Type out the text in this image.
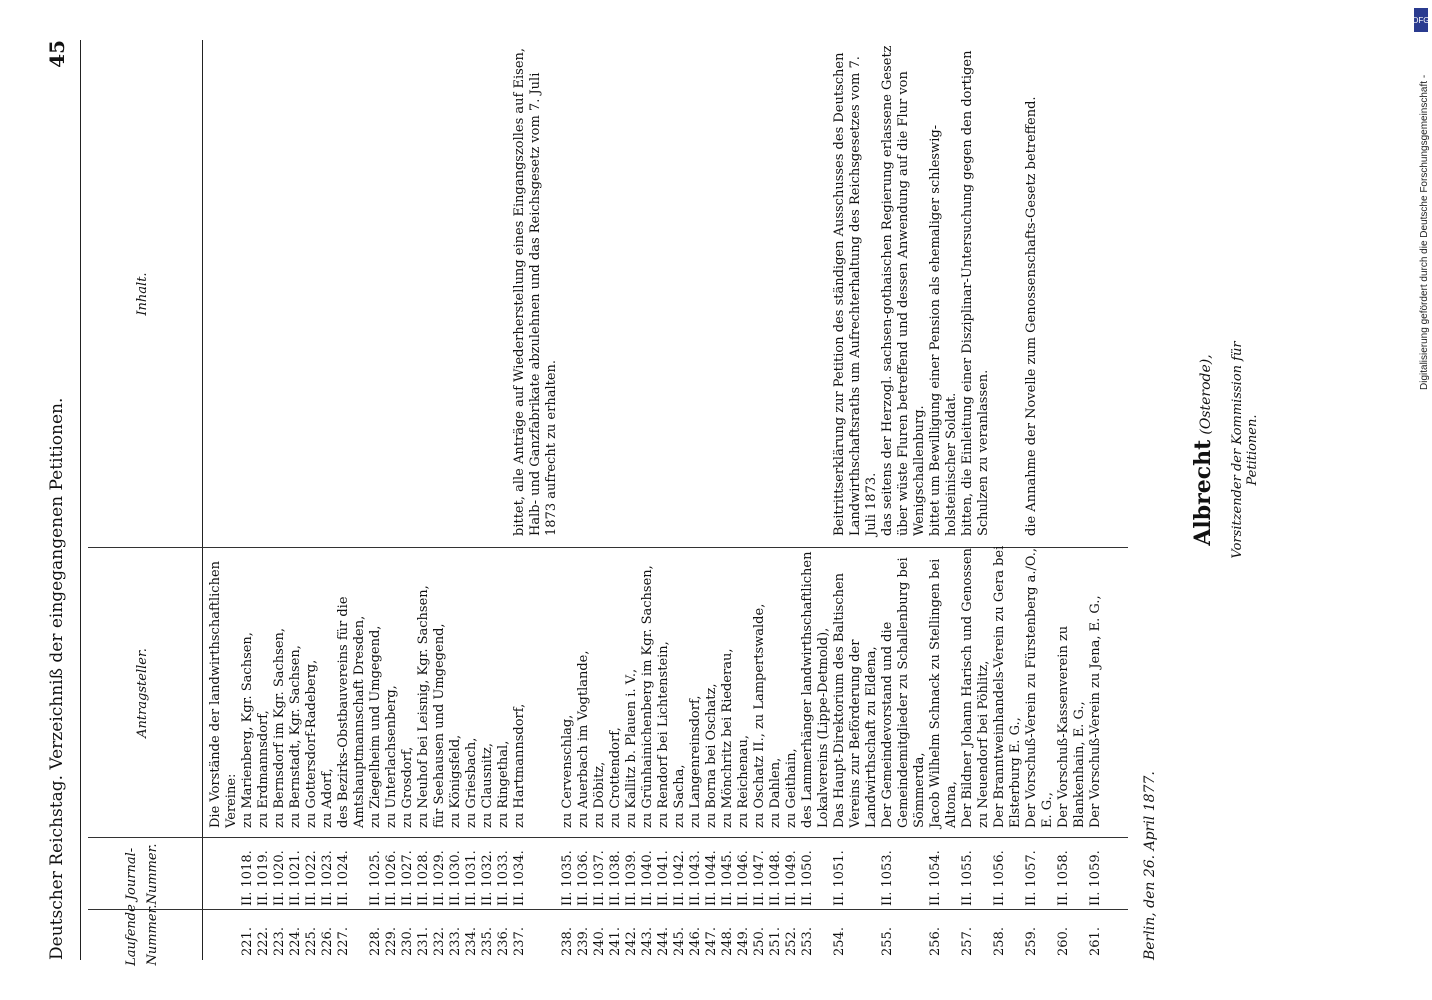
Deutscher Reichstag. Verzeichniß der eingegangenen Petitionen.
45
Laufende Nummer.
Journal-Nummer.
Antragsteller.
Inhalt.
Die Vorstände der landwirthschaftlichen Vereine:
221.
II. 1018.
zu Marienberg, Kgr. Sachsen,
222.
II. 1019.
zu Erdmannsdorf,
223.
II. 1020.
zu Bernsdorf im Kgr. Sachsen,
224.
II. 1021.
zu Bernstadt, Kgr. Sachsen,
225.
II. 1022.
zu Gottersdorf-Radeberg,
226.
II. 1023.
zu Adorf,
227.
II. 1024.
des Bezirks-Obstbauvereins für die Amtshauptmannschaft Dresden,
228.
II. 1025.
zu Ziegelheim und Umgegend,
229.
II. 1026.
zu Unterlachsenberg,
230.
II. 1027.
zu Grosdorf,
231.
II. 1028.
zu Neuhof bei Leisnig, Kgr. Sachsen,
232.
II. 1029.
für Seehausen und Umgegend,
233.
II. 1030.
zu Königsfeld,
234.
II. 1031.
zu Griesbach,
235.
II. 1032.
zu Clausnitz,
236.
II. 1033.
zu Ringethal,
237.
II. 1034.
zu Hartmannsdorf,
bittet, alle Anträge auf Wiederherstellung eines Eingangszolles auf Eisen, Halb- und Ganzfabrikate abzulehnen und das Reichsgesetz vom 7. Juli 1873 aufrecht zu erhalten.
238.
II. 1035.
zu Cervenschlag,
239.
II. 1036.
zu Auerbach im Vogtlande,
240.
II. 1037.
zu Döbitz,
241.
II. 1038.
zu Crottendorf,
242.
II. 1039.
zu Kallitz b. Plauen i. V.,
243.
II. 1040.
zu Grünhainichenberg im Kgr. Sachsen,
244.
II. 1041.
zu Rendorf bei Lichtenstein,
245.
II. 1042.
zu Sacha,
246.
II. 1043.
zu Langenreinsdorf,
247.
II. 1044.
zu Borna bei Oschatz,
248.
II. 1045.
zu Mönchritz bei Riederau,
249.
II. 1046.
zu Reichenau,
250.
II. 1047.
zu Oschatz II., zu Lampertswalde,
251.
II. 1048.
zu Dahlen,
252.
II. 1049.
zu Geithain,
253.
II. 1050.
des Lammerhänger landwirthschaftlichen Lokalvereins (Lippe-Detmold),
254.
II. 1051.
Das Haupt-Direktorium des Baltischen Vereins zur Beförderung der Landwirthschaft zu Eldena,
Beitrittserklärung zur Petition des ständigen Ausschusses des Deutschen Landwirthschaftsraths um Aufrechterhaltung des Reichsgesetzes vom 7. Juli 1873.
255.
II. 1053.
Der Gemeindevorstand und die Gemeindemitglieder zu Schallenburg bei Sömmerda,
das seitens der Herzogl. sachsen-gothaischen Regierung erlassene Gesetz über wüste Fluren betreffend und dessen Anwendung auf die Flur von Wenigschallenburg.
256.
II. 1054.
Jacob Wilhelm Schnack zu Stellingen bei Altona,
bittet um Bewilligung einer Pension als ehemaliger schleswig-holsteinischer Soldat.
257.
II. 1055.
Der Bildner Johann Harisch und Genossen zu Neuendorf bei Pöhlitz,
bitten, die Einleitung einer Disziplinar-Untersuchung gegen den dortigen Schulzen zu veranlassen.
258.
II. 1056.
Der Branntweinhandels-Verein zu Gera bei Elsterburg E. G.,
259.
II. 1057.
Der Vorschuß-Verein zu Fürstenberg a./O., E. G.,
die Annahme der Novelle zum Genossenschafts-Gesetz betreffend.
260.
II. 1058.
Der Vorschuß-Kassenverein zu Blankenhain, E. G.,
261.
II. 1059.
Der Vorschuß-Verein zu Jena, E. G.,
Berlin, den 26. April 1877.
Albrecht (Osterode), Vorsitzender der Kommission für Petitionen.
DFG
Digitalisierung gefördert durch die Deutsche Forschungsgemeinschaft -
